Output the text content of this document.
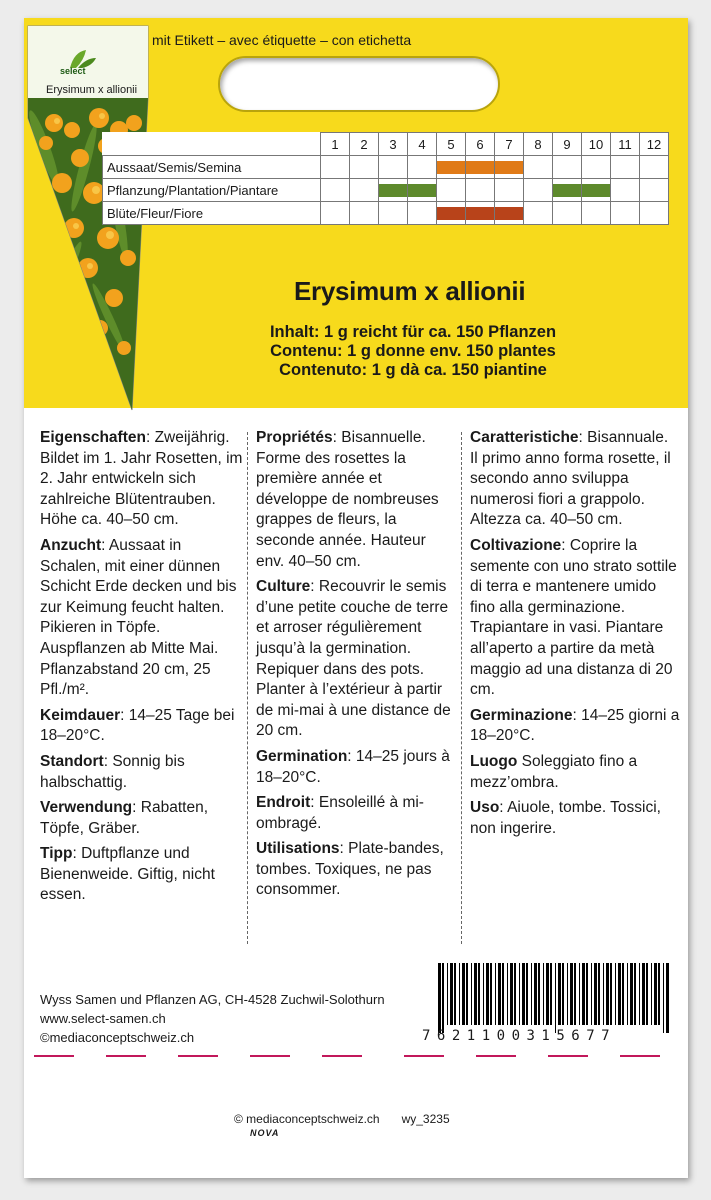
mit Etikett – avec étiquette – con etichetta
select
Erysimum x allionii
	1	2	3	4	5	6	7	8	9	10	11	12
Aussaat/Semis/Semina					

Pflanzung/Plantation/Piantare			

Blüte/Fleur/Fiore					

Erysimum x allionii
Inhalt: 1 g reicht für ca. 150 Pflanzen
Contenu: 1 g donne env. 150 plantes
Contenuto: 1 g dà ca. 150 piantine

Eigenschaften: Zweijährig. Bildet im 1. Jahr Rosetten, im 2. Jahr entwickeln sich zahlreiche Blütentrauben. Höhe ca. 40–50 cm.

Anzucht: Aussaat in Schalen, mit einer dünnen Schicht Erde decken und bis zur Keimung feucht halten. Pikieren in Töpfe. Auspflanzen ab Mitte Mai. Pflanzabstand 20 cm, 25 Pfl./m².

Keimdauer: 14–25 Tage bei 18–20°C.

Standort: Sonnig bis halbschattig.

Verwendung: Rabatten, Töpfe, Gräber.

Tipp: Duftpflanze und Bienenweide. Giftig, nicht essen.

Propriétés: Bisannuelle. Forme des rosettes la première année et développe de nombreuses grappes de fleurs, la seconde année. Hauteur env. 40–50 cm.

Culture: Recouvrir le semis d’une petite couche de terre et arroser régulièrement jusqu’à la germination. Repiquer dans des pots. Planter à l’extérieur à partir de mi-mai à une distance de 20 cm.

Germination: 14–25 jours à 18–20°C.

Endroit: Ensoleillé à mi-ombragé.

Utilisations: Plate-bandes, tombes. Toxiques, ne pas consommer.

Caratteristiche: Bisannuale. Il primo anno forma rosette, il secondo anno sviluppa numerosi fiori a grappolo. Altezza ca. 40–50 cm.

Coltivazione: Coprire la semente con uno strato sottile di terra e mantenere umido fino alla germinazione. Trapiantare in vasi. Piantare all’aperto a partire da metà maggio ad una distanza di 20 cm.

Germinazione: 14–25 giorni a 18–20°C.

Luogo Soleggiato fino a mezz’ombra.

Uso: Aiuole, tombe. Tossici, non ingerire.

Wyss Samen und Pflanzen AG, CH-4528 Zuchwil-Solothurn
www.select-samen.ch
©mediaconceptschweiz.ch	7621100315677
© mediaconceptschweiz.ch wy_3235
NOVA
